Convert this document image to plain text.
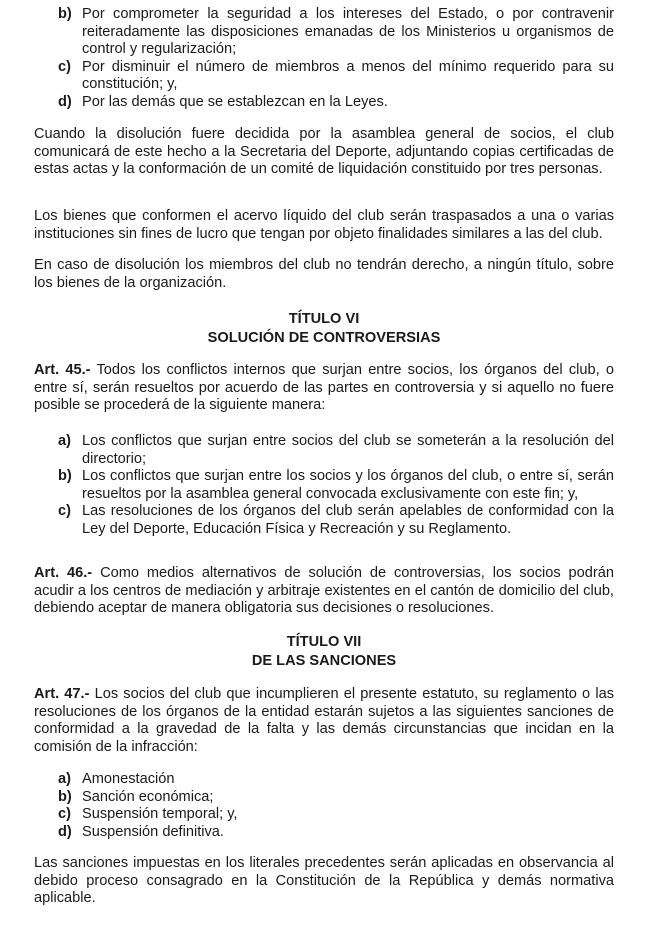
b) Por comprometer la seguridad a los intereses del Estado, o por contravenir reiteradamente las disposiciones emanadas de los Ministerios u organismos de control y regularización;
c) Por disminuir el número de miembros a menos del mínimo requerido para su constitución; y,
d) Por las demás que se establezcan en la Leyes.

Cuando la disolución fuere decidida por la asamblea general de socios, el club comunicará de este hecho a la Secretaria del Deporte, adjuntando copias certificadas de estas actas y la conformación de un comité de liquidación constituido por tres personas.

Los bienes que conformen el acervo líquido del club serán traspasados a una o varias instituciones sin fines de lucro que tengan por objeto finalidades similares a las del club.

En caso de disolución los miembros del club no tendrán derecho, a ningún título, sobre los bienes de la organización.

TÍTULO VI
SOLUCIÓN DE CONTROVERSIAS

Art. 45.- Todos los conflictos internos que surjan entre socios, los órganos del club, o entre sí, serán resueltos por acuerdo de las partes en controversia y si aquello no fuere posible se procederá de la siguiente manera:

a) Los conflictos que surjan entre socios del club se someterán a la resolución del directorio;
b) Los conflictos que surjan entre los socios y los órganos del club, o entre sí, serán resueltos por la asamblea general convocada exclusivamente con este fin; y,
c) Las resoluciones de los órganos del club serán apelables de conformidad con la Ley del Deporte, Educación Física y Recreación y su Reglamento.

Art. 46.- Como medios alternativos de solución de controversias, los socios podrán acudir a los centros de mediación y arbitraje existentes en el cantón de domicilio del club, debiendo aceptar de manera obligatoria sus decisiones o resoluciones.

TÍTULO VII
DE LAS SANCIONES

Art. 47.- Los socios del club que incumplieren el presente estatuto, su reglamento o las resoluciones de los órganos de la entidad estarán sujetos a las siguientes sanciones de conformidad a la gravedad de la falta y las demás circunstancias que incidan en la comisión de la infracción:

a) Amonestación
b) Sanción económica;
c) Suspensión temporal; y,
d) Suspensión definitiva.

Las sanciones impuestas en los literales precedentes serán aplicadas en observancia al debido proceso consagrado en la Constitución de la República y demás normativa aplicable.
